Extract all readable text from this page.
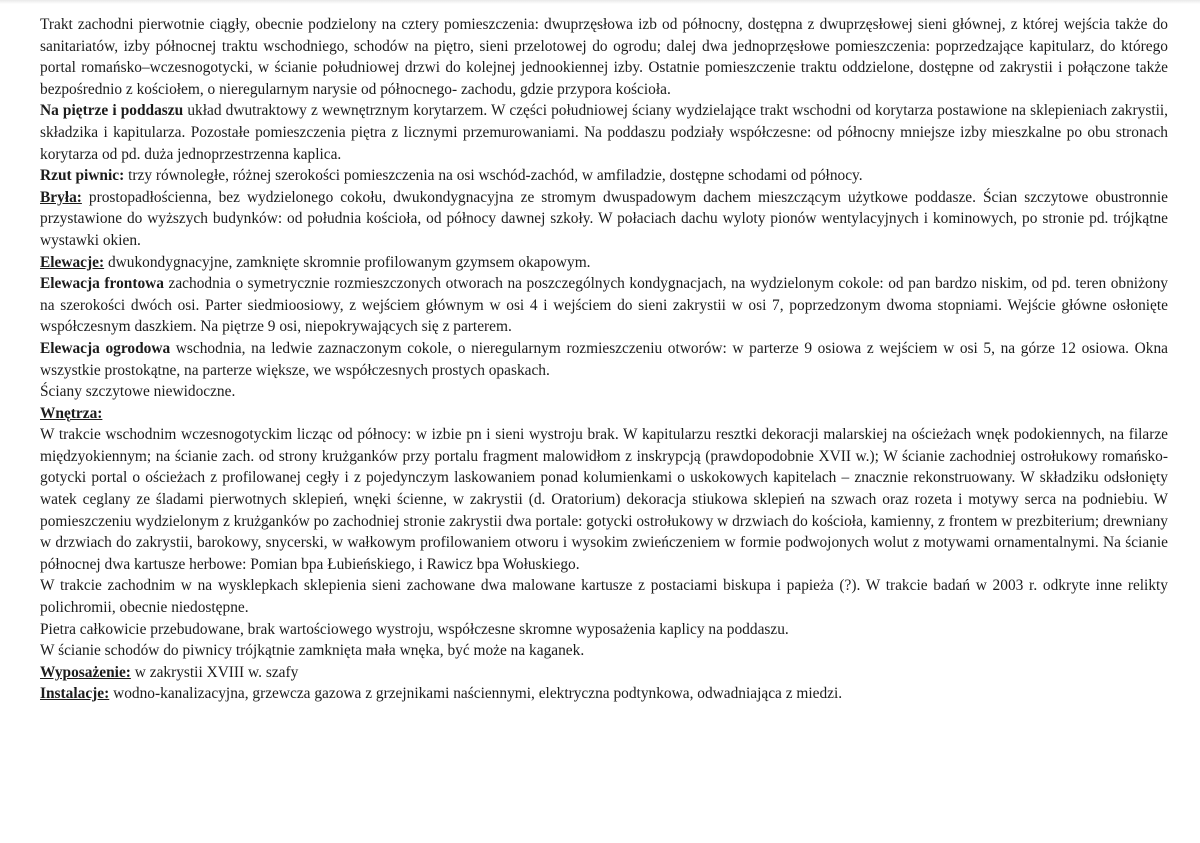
Trakt zachodni pierwotnie ciągły, obecnie podzielony na cztery pomieszczenia: dwuprzęsłowa izb od północny, dostępna z dwuprzęsłowej sieni głównej, z której wejścia także do sanitariatów, izby północnej traktu wschodniego, schodów na piętro, sieni przelotowej do ogrodu; dalej dwa jednoprzęsłowe pomieszczenia: poprzedzające kapitularz, do którego portal romańsko–wczesnogotycki, w ścianie południowej drzwi do kolejnej jednookiennej izby. Ostatnie pomieszczenie traktu oddzielone, dostępne od zakrystii i połączone także bezpośrednio z kościołem, o nieregularnym narysie od północnego- zachodu, gdzie przypora kościoła.

Na piętrze i poddaszu układ dwutraktowy z wewnętrznym korytarzem. W części południowej ściany wydzielające trakt wschodni od korytarza postawione na sklepieniach zakrystii, składzika i kapitularza. Pozostałe pomieszczenia piętra z licznymi przemurowaniami. Na poddaszu podziały współczesne: od północny mniejsze izby mieszkalne po obu stronach korytarza od pd. duża jednoprzestrzenna kaplica.

Rzut piwnic: trzy równoległe, różnej szerokości pomieszczenia na osi wschód-zachód, w amfiladzie, dostępne schodami od północy.

Bryła: prostopadłościenna, bez wydzielonego cokołu, dwukondygnacyjna ze stromym dwuspadowym dachem mieszczącym użytkowe poddasze. Ścian szczytowe obustronnie przystawione do wyższych budynków: od południa kościoła, od północy dawnej szkoły. W połaciach dachu wyloty pionów wentylacyjnych i kominowych, po stronie pd. trójkątne wystawki okien.

Elewacje: dwukondygnacyjne, zamknięte skromnie profilowanym gzymsem okapowym.

Elewacja frontowa zachodnia o symetrycznie rozmieszczonych otworach na poszczególnych kondygnacjach, na wydzielonym cokole: od pan bardzo niskim, od pd. teren obniżony na szerokości dwóch osi. Parter siedmioosiowy, z wejściem głównym w osi 4 i wejściem do sieni zakrystii w osi 7, poprzedzonym dwoma stopniami. Wejście główne osłonięte współczesnym daszkiem. Na piętrze 9 osi, niepokrywających się z parterem.

Elewacja ogrodowa wschodnia, na ledwie zaznaczonym cokole, o nieregularnym rozmieszczeniu otworów: w parterze 9 osiowa z wejściem w osi 5, na górze 12 osiowa. Okna wszystkie prostokątne, na parterze większe, we współczesnych prostych opaskach.

Ściany szczytowe niewidoczne.

Wnętrza:

W trakcie wschodnim wczesnogotyckim licząc od północy: w izbie pn i sieni wystroju brak. W kapitularzu resztki dekoracji malarskiej na ościeżach wnęk podokiennych, na filarze międzyokiennym; na ścianie zach. od strony krużganków przy portalu fragment malowidłom z inskrypcją (prawdopodobnie XVII w.); W ścianie zachodniej ostrołukowy romańsko-gotycki portal o ościeżach z profilowanej cegły i z pojedynczym laskowaniem ponad kolumienkami o uskokowych kapitelach – znacznie rekonstruowany. W składziku odsłonięty watek ceglany ze śladami pierwotnych sklepień, wnęki ścienne, w zakrystii (d. Oratorium) dekoracja stiukowa sklepień na szwach oraz rozeta i motywy serca na podniebiu. W pomieszczeniu wydzielonym z krużganków po zachodniej stronie zakrystii dwa portale: gotycki ostrołukowy w drzwiach do kościoła, kamienny, z frontem w prezbiterium; drewniany w drzwiach do zakrystii, barokowy, snycerski, w wałkowym profilowaniem otworu i wysokim zwieńczeniem w formie podwojonych wolut z motywami ornamentalnymi. Na ścianie północnej dwa kartusze herbowe: Pomian bpa Łubieńskiego, i Rawicz bpa Wołuskiego.

W trakcie zachodnim w na wysklepkach sklepienia sieni zachowane dwa malowane kartusze z postaciami biskupa i papieża (?). W trakcie badań w 2003 r. odkryte inne relikty polichromii, obecnie niedostępne.

Pietra całkowicie przebudowane, brak wartościowego wystroju, współczesne skromne wyposażenia kaplicy na poddaszu.

W ścianie schodów do piwnicy trójkątnie zamknięta mała wnęka, być może na kaganek.

Wyposażenie: w zakrystii XVIII w. szafy

Instalacje: wodno-kanalizacyjna, grzewcza gazowa z grzejnikami naściennymi, elektryczna podtynkowa, odwadniająca z miedzi.
